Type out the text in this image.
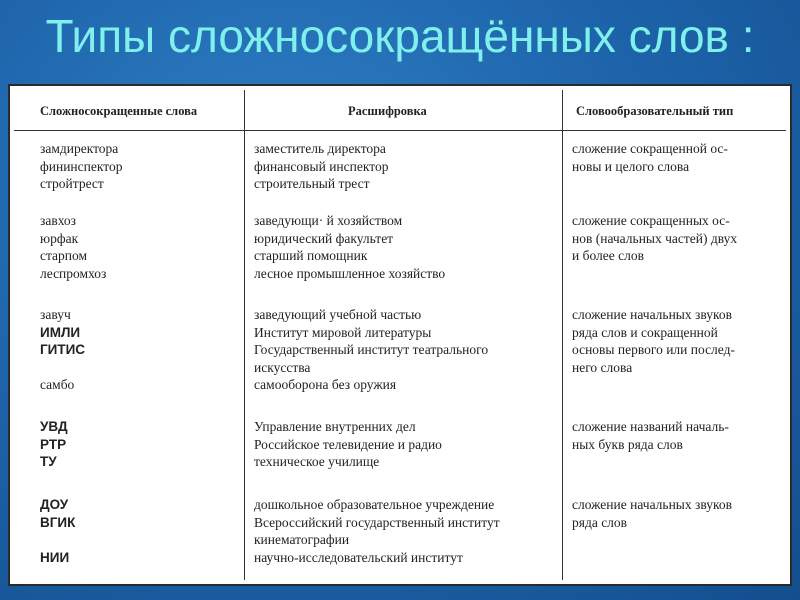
Типы сложносокращённых слов :
Сложносокращенные слова	Расшифровка	Словообразовательный тип
замдиректора
фининспектор
стройтрест
завхоз
юрфак
старпом
леспромхоз
завуч
ИМЛИ
ГИТИС
самбо
УВД
РТР
ТУ
ДОУ
ВГИК
НИИ
заместитель директора
финансовый инспектор
строительный трест
заведующи· й хозяйством
юридический факультет
старший помощник
лесное промышленное хозяйство
заведующий учебной частью
Институт мировой литературы
Государственный институт театрального
искусства
самооборона без оружия
Управление внутренних дел
Российское телевидение и радио
техническое училище
дошкольное образовательное учреждение
Всероссийский государственный институт
кинематографии
научно-исследовательский институт
сложение сокращенной ос-
новы и целого слова
сложение сокращенных ос-
нов (начальных частей) двух
и более слов
сложение начальных звуков
ряда слов и сокращенной
основы первого или послед-
него слова
сложение названий началь-
ных букв ряда слов
сложение начальных звуков
ряда слов
